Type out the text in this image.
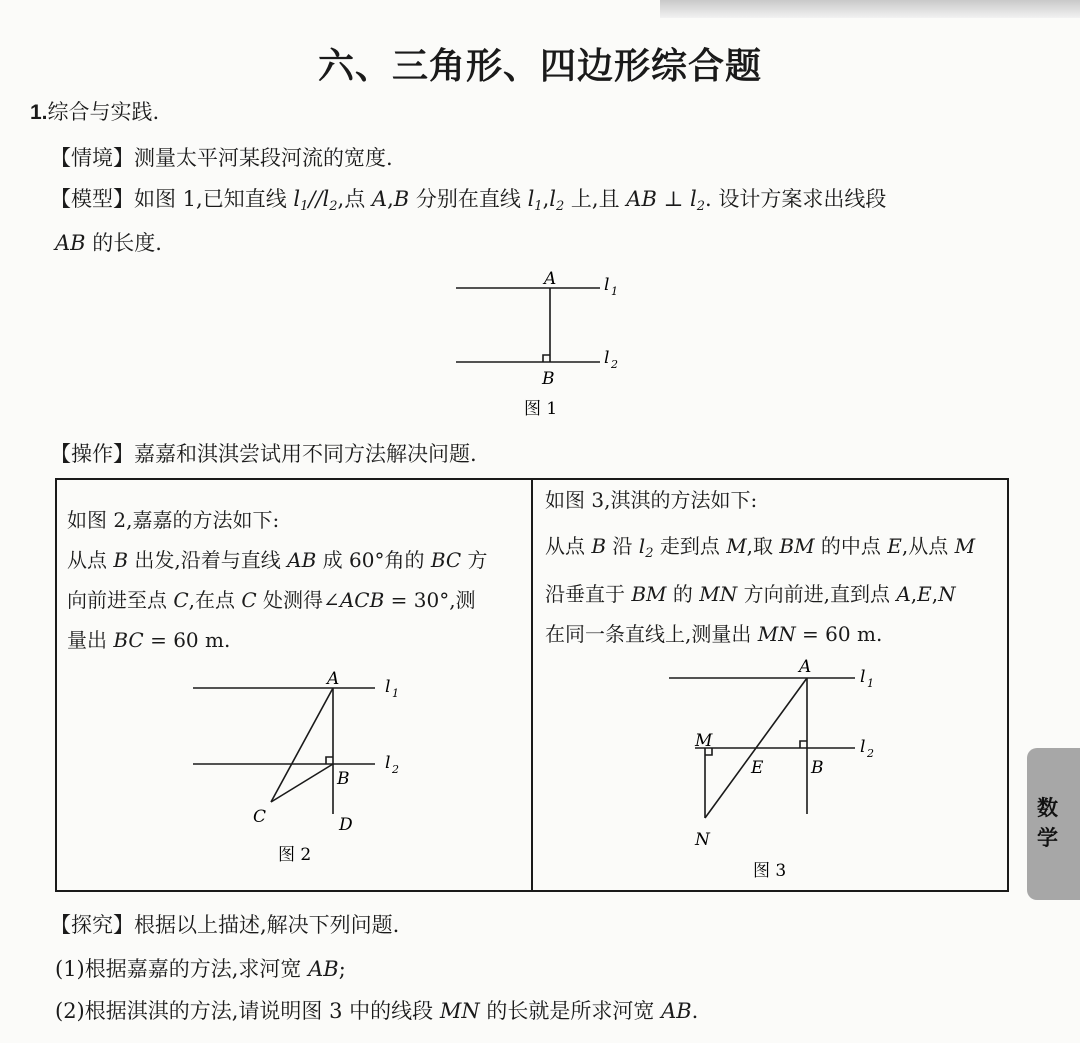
六、三角形、四边形综合题
1.综合与实践.
【情境】测量太平河某段河流的宽度.
【模型】如图 1,已知直线 $l_1//l_2$,点 A,B 分别在直线 $l_1,l_2$ 上,且 AB ⊥ $l_2$. 设计方案求出线段
AB 的长度.
A
B
l 1
l 2
图 1
【操作】嘉嘉和淇淇尝试用不同方法解决问题.
如图 2,嘉嘉的方法如下:
从点 B 出发,沿着与直线 AB 成 60°角的 BC 方
向前进至点 C,在点 C 处测得∠ACB = 30°,测
量出 BC = 60 m.
如图 3,淇淇的方法如下:
从点 B 沿 $l_2$ 走到点 M,取 BM 的中点 E,从点 M
沿垂直于 BM 的 MN 方向前进,直到点 A,E,N
在同一条直线上,测量出 MN = 60 m.
A
B
C	D
l 1
l 2
图 2
A
B
E
M
N
l 1
l 2
图 3
【探究】根据以上描述,解决下列问题.
(1)根据嘉嘉的方法,求河宽 AB;
(2)根据淇淇的方法,请说明图 3 中的线段 MN 的长就是所求河宽 AB.
数
学
